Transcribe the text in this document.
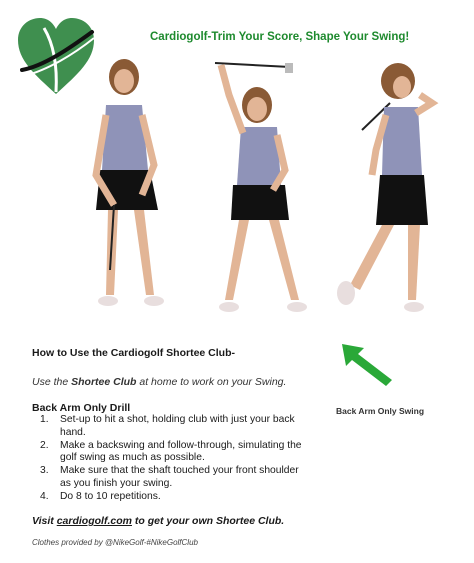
Cardiogolf-Trim Your Score, Shape Your Swing!
How to Use the Cardiogolf Shortee Club-
Use the Shortee Club at home to work on your Swing.
Back Arm Only Drill
1. Set-up to hit a shot, holding club with just your back hand.
2. Make a backswing and follow-through, simulating the golf swing as much as possible.
3. Make sure that the shaft touched your front shoulder as you finish your swing.
4. Do 8 to 10 repetitions.
Visit cardiogolf.com to get your own Shortee Club.
Clothes provided by @NikeGolf-#NikeGolfClub
Back Arm Only Swing
